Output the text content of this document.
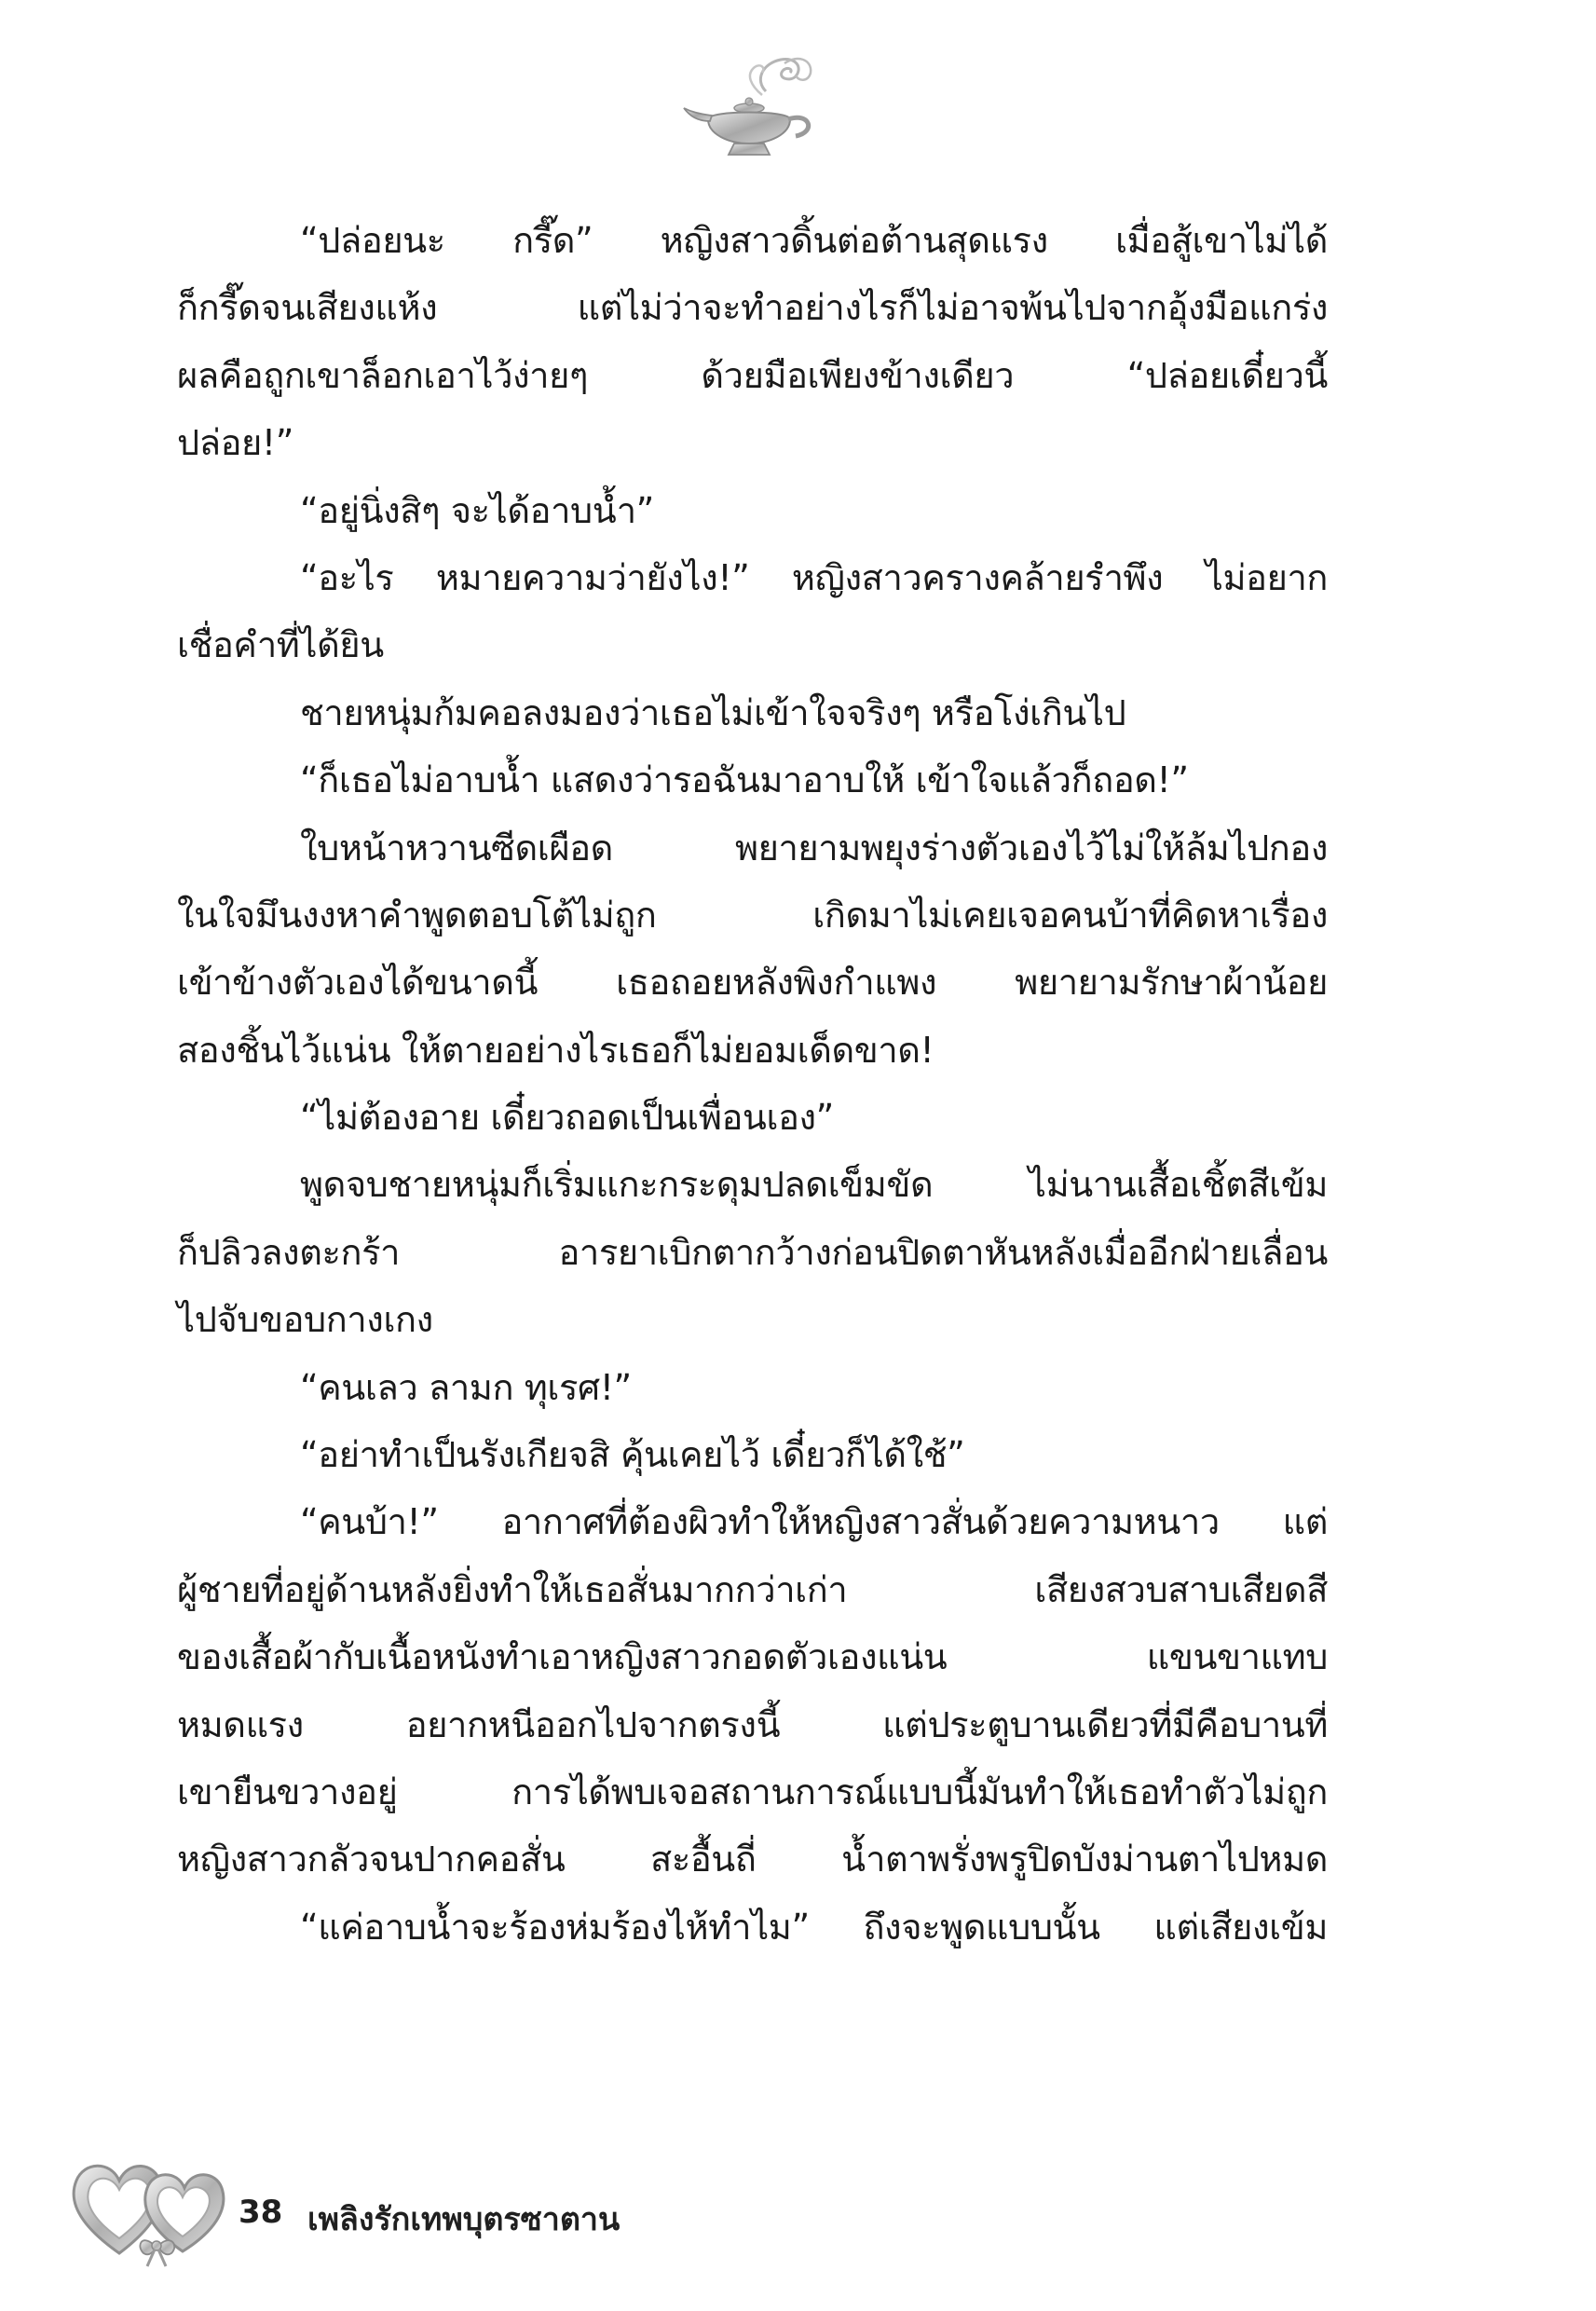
“ปล่อยนะ กรี๊ด” หญิงสาวดิ้นต่อต้านสุดแรง เมื่อสู้เขาไม่ได้
ก็กรี๊ดจนเสียงแห้ง แต่ไม่ว่าจะทำอย่างไรก็ไม่อาจพ้นไปจากอุ้งมือแกร่ง
ผลคือถูกเขาล็อกเอาไว้ง่ายๆ ด้วยมือเพียงข้างเดียว “ปล่อยเดี๋ยวนี้
ปล่อย!”
“อยู่นิ่งสิๆ จะได้อาบน้ำ”
“อะไร หมายความว่ายังไง!” หญิงสาวครางคล้ายรำพึง ไม่อยาก
เชื่อคำที่ได้ยิน
ชายหนุ่มก้มคอลงมองว่าเธอไม่เข้าใจจริงๆ หรือโง่เกินไป
“ก็เธอไม่อาบน้ำ แสดงว่ารอฉันมาอาบให้ เข้าใจแล้วก็ถอด!”
ใบหน้าหวานซีดเผือด พยายามพยุงร่างตัวเองไว้ไม่ให้ล้มไปกอง
ในใจมึนงงหาคำพูดตอบโต้ไม่ถูก เกิดมาไม่เคยเจอคนบ้าที่คิดหาเรื่อง
เข้าข้างตัวเองได้ขนาดนี้ เธอถอยหลังพิงกำแพง พยายามรักษาผ้าน้อย
สองชิ้นไว้แน่น ให้ตายอย่างไรเธอก็ไม่ยอมเด็ดขาด!
“ไม่ต้องอาย เดี๋ยวถอดเป็นเพื่อนเอง”
พูดจบชายหนุ่มก็เริ่มแกะกระดุมปลดเข็มขัด ไม่นานเสื้อเชิ้ตสีเข้ม
ก็ปลิวลงตะกร้า อารยาเบิกตากว้างก่อนปิดตาหันหลังเมื่ออีกฝ่ายเลื่อน
ไปจับขอบกางเกง
“คนเลว ลามก ทุเรศ!”
“อย่าทำเป็นรังเกียจสิ คุ้นเคยไว้ เดี๋ยวก็ได้ใช้”
“คนบ้า!” อากาศที่ต้องผิวทำให้หญิงสาวสั่นด้วยความหนาว แต่
ผู้ชายที่อยู่ด้านหลังยิ่งทำให้เธอสั่นมากกว่าเก่า เสียงสวบสาบเสียดสี
ของเสื้อผ้ากับเนื้อหนังทำเอาหญิงสาวกอดตัวเองแน่น แขนขาแทบ
หมดแรง อยากหนีออกไปจากตรงนี้ แต่ประตูบานเดียวที่มีคือบานที่
เขายืนขวางอยู่ การได้พบเจอสถานการณ์แบบนี้มันทำให้เธอทำตัวไม่ถูก
หญิงสาวกลัวจนปากคอสั่น สะอื้นถี่ น้ำตาพรั่งพรูปิดบังม่านตาไปหมด
“แค่อาบน้ำจะร้องห่มร้องไห้ทำไม” ถึงจะพูดแบบนั้น แต่เสียงเข้ม
38 เพลิงรักเทพบุตรซาตาน
